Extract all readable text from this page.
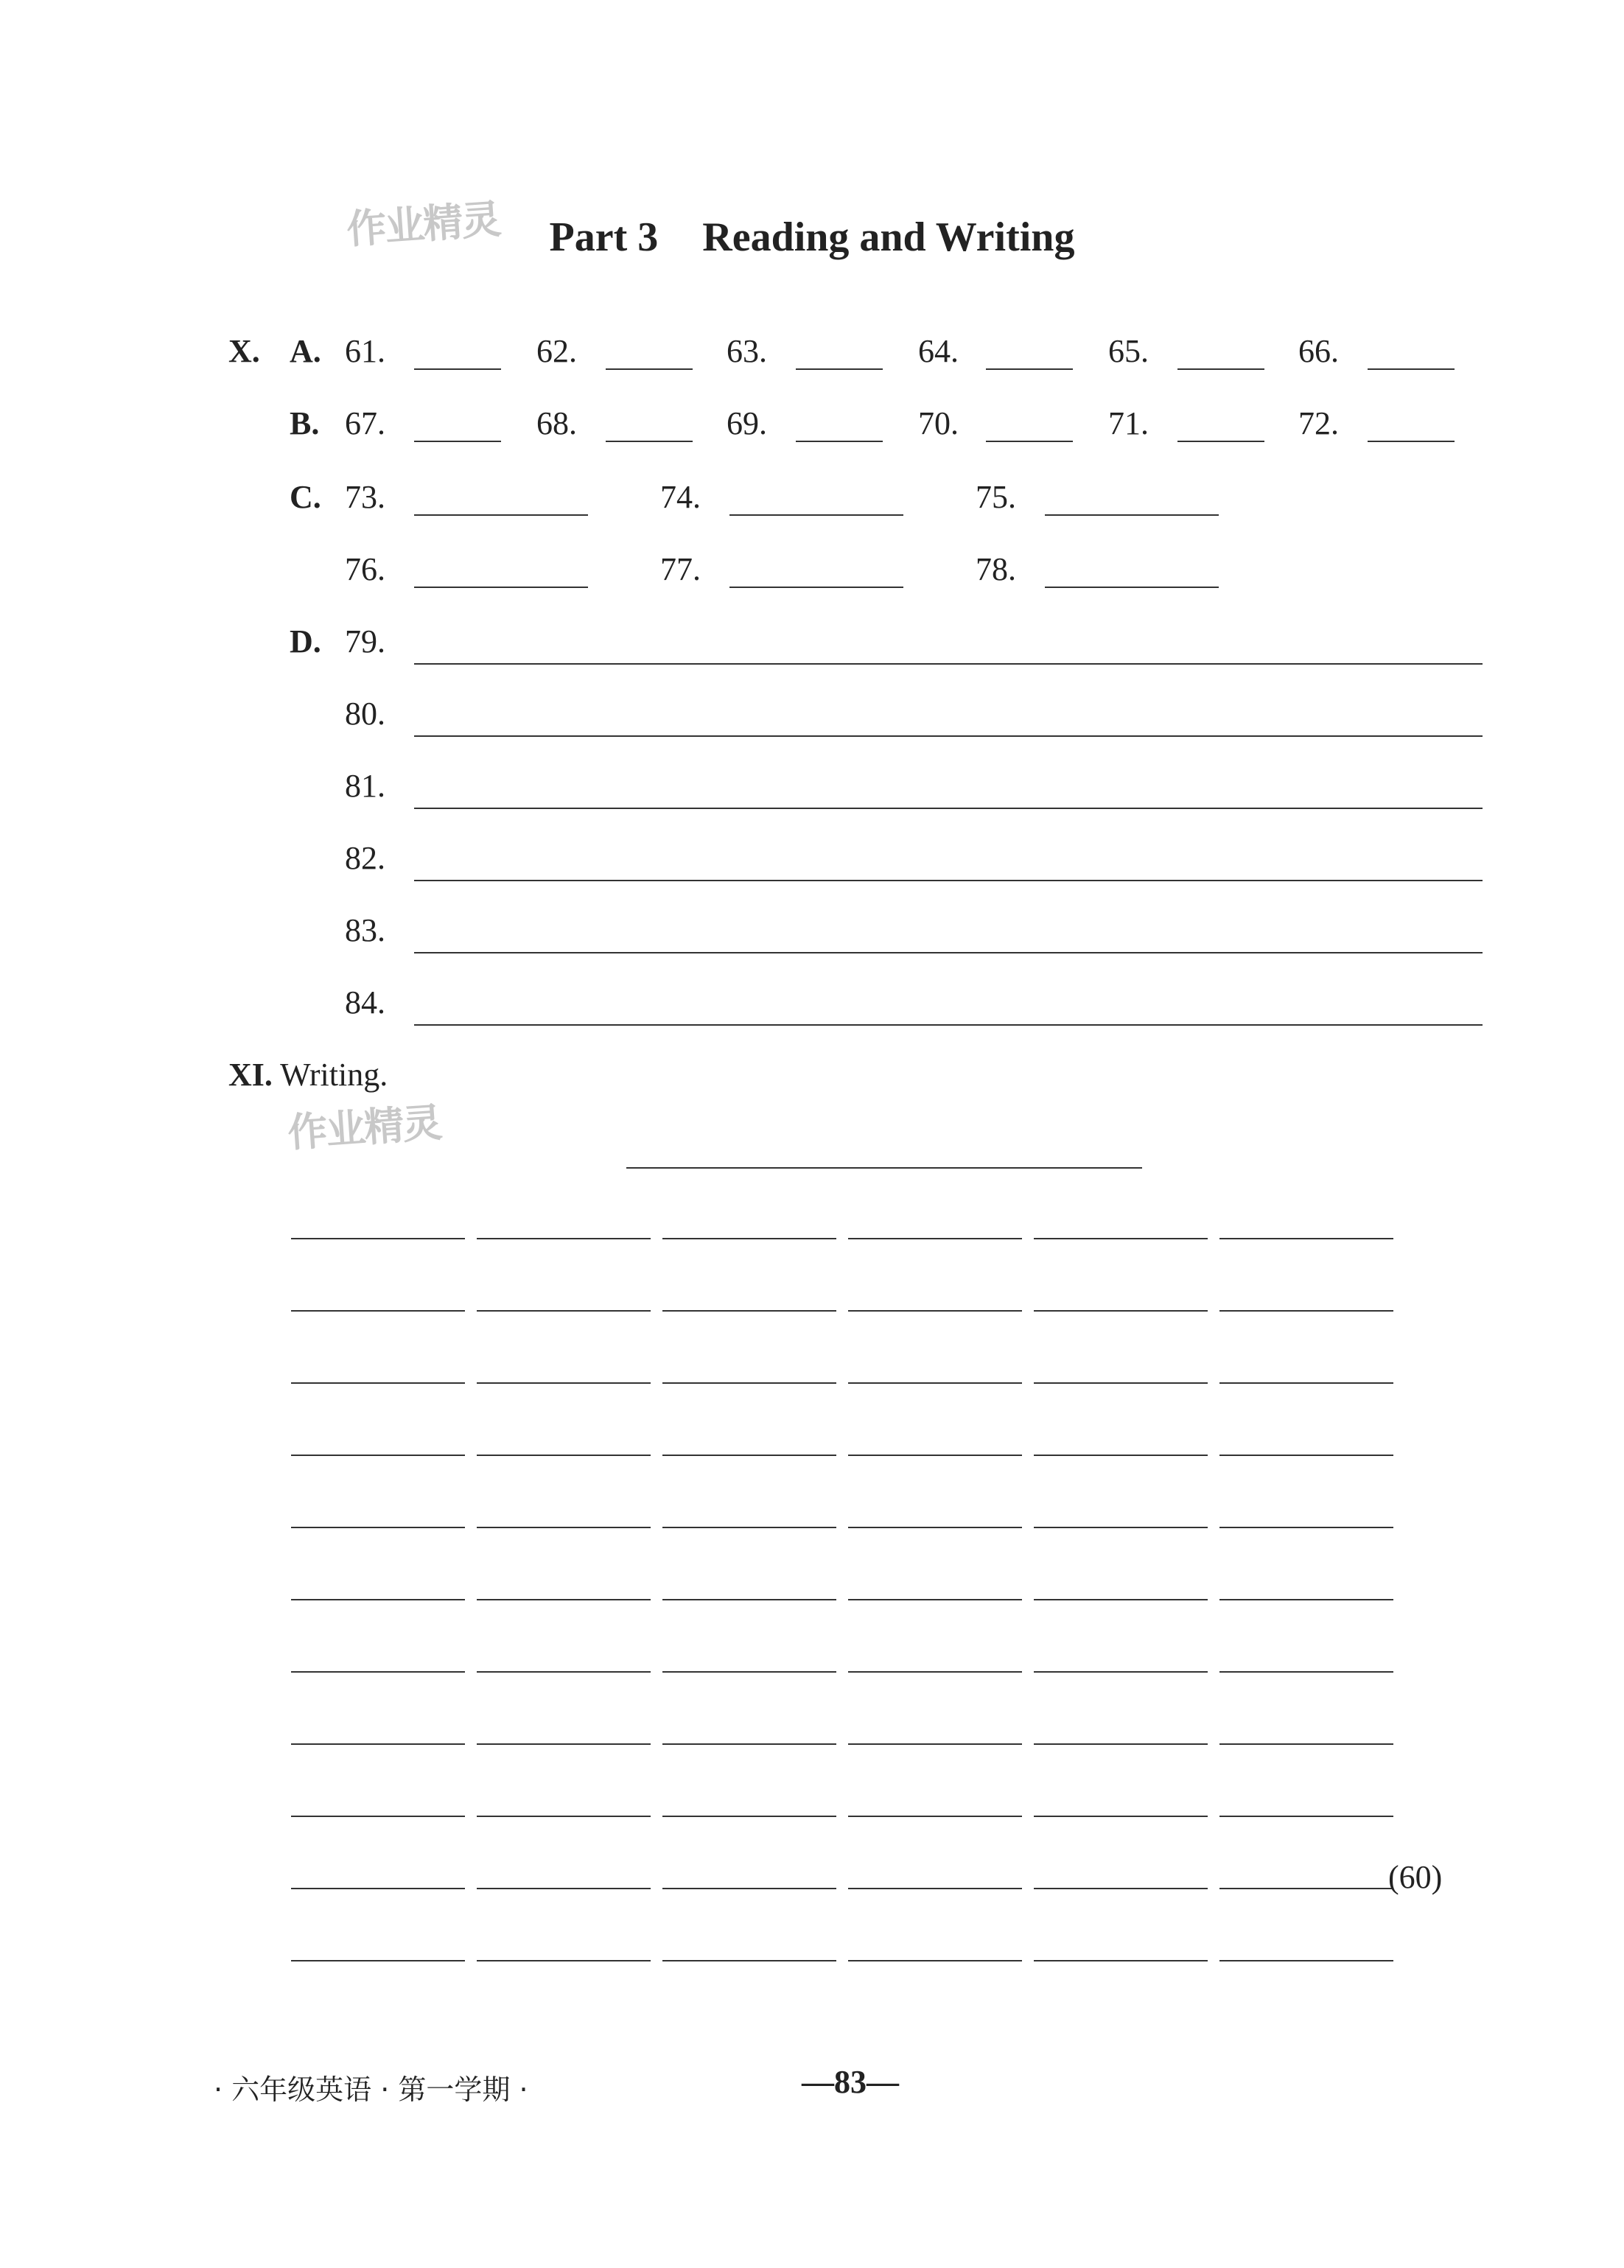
作业精灵
作业精灵
Part 3 Reading and Writing
X. A. 61.	62.	63.	64.	65.	66.
B. 67.	68.	69.	70.	71.	72.
C. 73.	74.	75.
76.	77.	78.
D. 79.
80.
81.
82.
83.
84.
XI. Writing.
(60)
· 六年级英语 · 第一学期 ·	—83—
